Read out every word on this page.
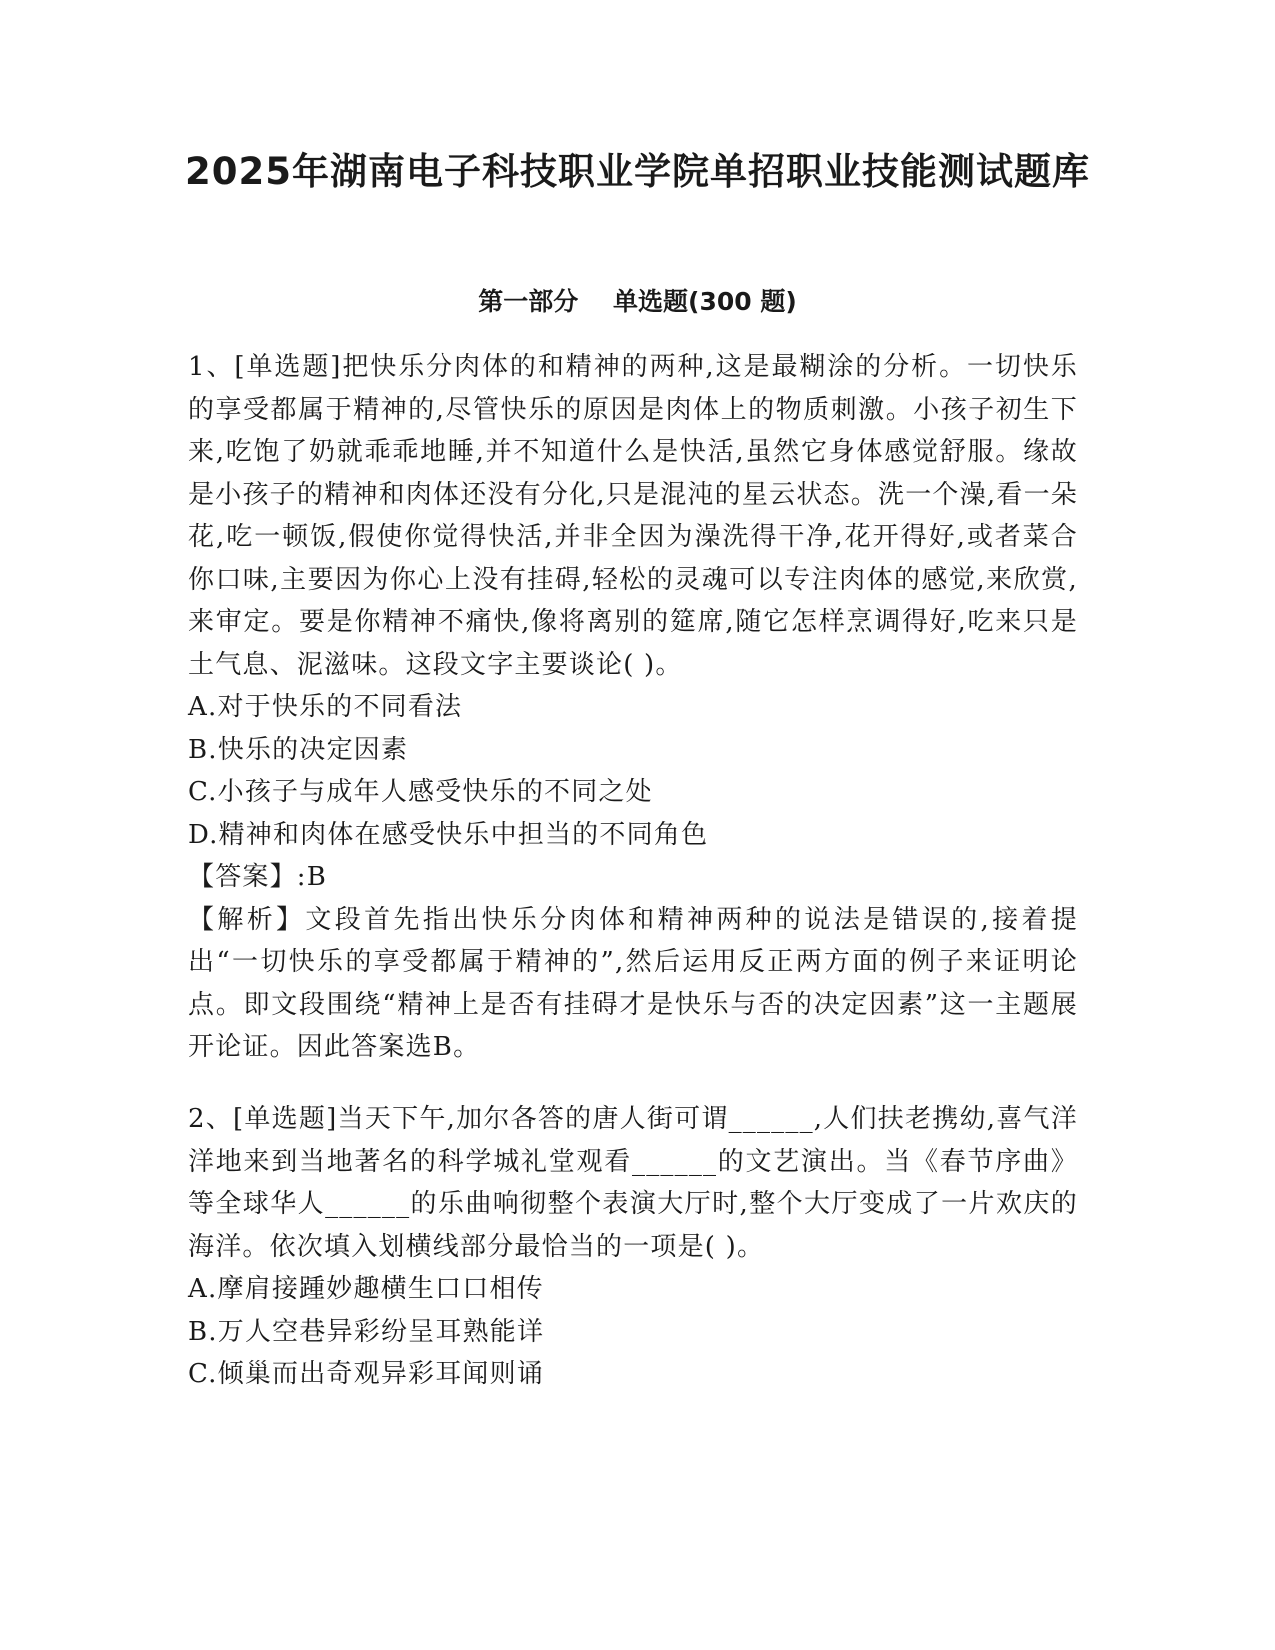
2025年湖南电子科技职业学院单招职业技能测试题库
第一部分    单选题(300 题)

1、[单选题]把快乐分肉体的和精神的两种,这是最糊涂的分析。一切快乐的享受都属于精神的,尽管快乐的原因是肉体上的物质刺激。小孩子初生下来,吃饱了奶就乖乖地睡,并不知道什么是快活,虽然它身体感觉舒服。缘故是小孩子的精神和肉体还没有分化,只是混沌的星云状态。洗一个澡,看一朵花,吃一顿饭,假使你觉得快活,并非全因为澡洗得干净,花开得好,或者菜合你口味,主要因为你心上没有挂碍,轻松的灵魂可以专注肉体的感觉,来欣赏,来审定。要是你精神不痛快,像将离别的筵席,随它怎样烹调得好,吃来只是土气息、泥滋味。这段文字主要谈论( )。

A.对于快乐的不同看法

B.快乐的决定因素

C.小孩子与成年人感受快乐的不同之处

D.精神和肉体在感受快乐中担当的不同角色

【答案】:B

【解析】文段首先指出快乐分肉体和精神两种的说法是错误的,接着提出“一切快乐的享受都属于精神的”,然后运用反正两方面的例子来证明论点。即文段围绕“精神上是否有挂碍才是快乐与否的决定因素”这一主题展开论证。因此答案选B。

2、[单选题]当天下午,加尔各答的唐人街可谓______,人们扶老携幼,喜气洋洋地来到当地著名的科学城礼堂观看______的文艺演出。当《春节序曲》等全球华人______的乐曲响彻整个表演大厅时,整个大厅变成了一片欢庆的海洋。依次填入划横线部分最恰当的一项是( )。

A.摩肩接踵妙趣横生口口相传

B.万人空巷异彩纷呈耳熟能详

C.倾巢而出奇观异彩耳闻则诵
